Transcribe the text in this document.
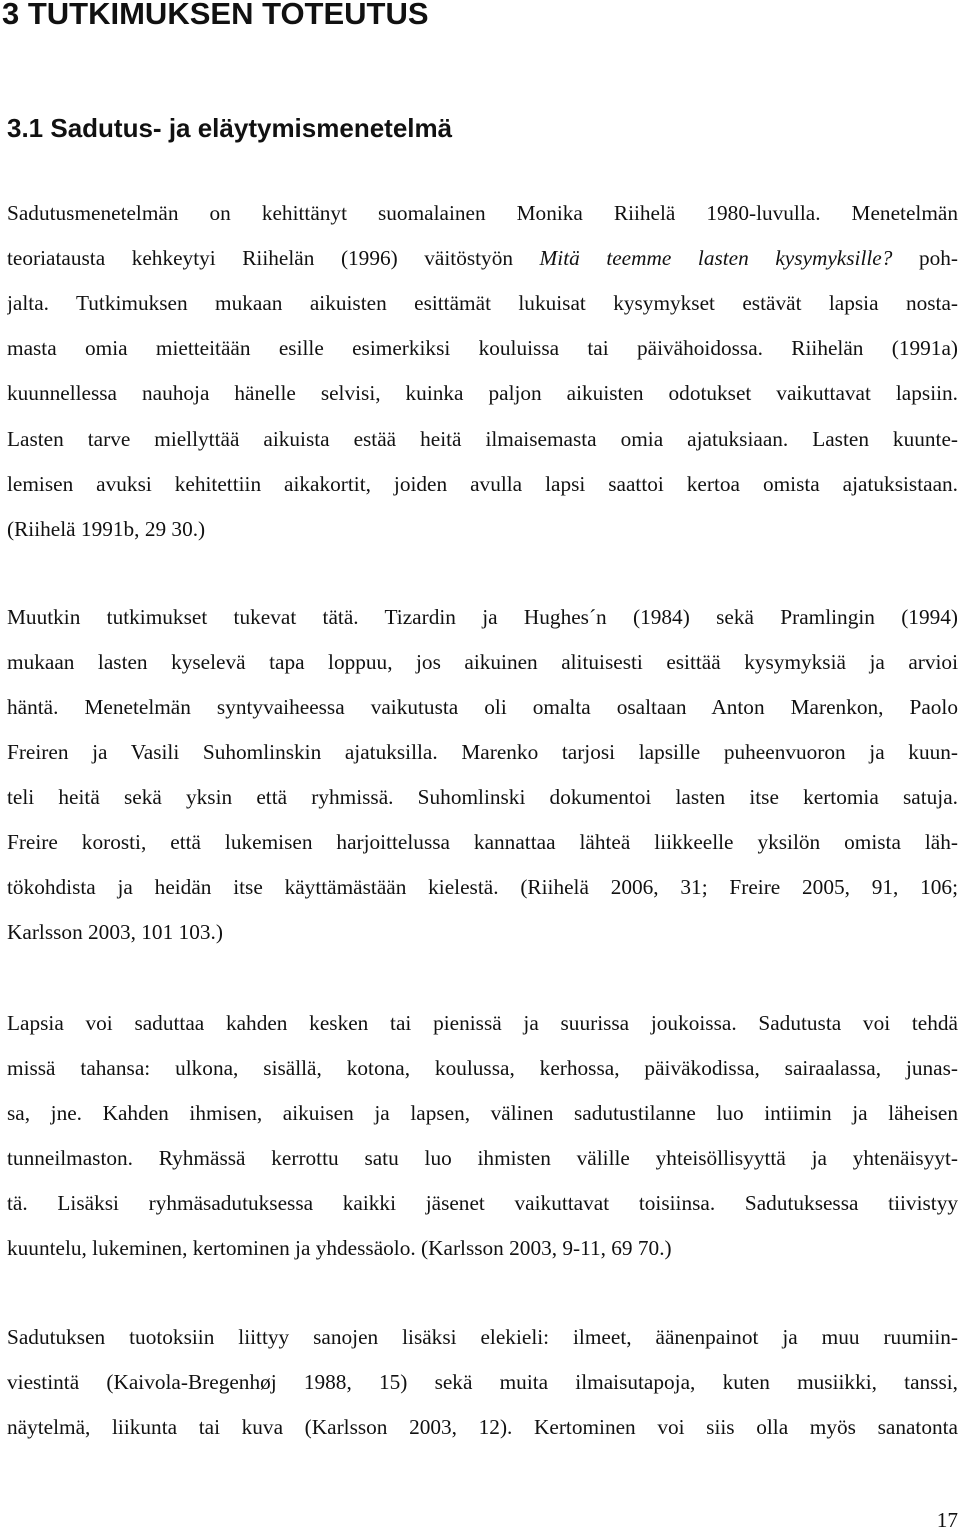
3 TUTKIMUKSEN TOTEUTUS
3.1 Sadutus- ja eläytymismenetelmä

Sadutusmenetelmän on kehittänyt suomalainen Monika Riihelä 1980-luvulla. Menetelmän

teoriatausta kehkeytyi Riihelän (1996) väitöstyön Mitä teemme lasten kysymyksille? poh-

jalta. Tutkimuksen mukaan aikuisten esittämät lukuisat kysymykset estävät lapsia nosta-

masta omia mietteitään esille esimerkiksi kouluissa tai päivähoidossa. Riihelän (1991a)

kuunnellessa nauhoja hänelle selvisi, kuinka paljon aikuisten odotukset vaikuttavat lapsiin.

Lasten tarve miellyttää aikuista estää heitä ilmaisemasta omia ajatuksiaan. Lasten kuunte-

lemisen avuksi kehitettiin aikakortit, joiden avulla lapsi saattoi kertoa omista ajatuksistaan.

(Riihelä 1991b, 29 30.)

Muutkin tutkimukset tukevat tätä. Tizardin ja Hughes´n (1984) sekä Pramlingin (1994)

mukaan lasten kyselevä tapa loppuu, jos aikuinen alituisesti esittää kysymyksiä ja arvioi

häntä. Menetelmän syntyvaiheessa vaikutusta oli omalta osaltaan Anton Marenkon, Paolo

Freiren ja Vasili Suhomlinskin ajatuksilla. Marenko tarjosi lapsille puheenvuoron ja kuun-

teli heitä sekä yksin että ryhmissä. Suhomlinski dokumentoi lasten itse kertomia satuja.

Freire korosti, että lukemisen harjoittelussa kannattaa lähteä liikkeelle yksilön omista läh-

tökohdista ja heidän itse käyttämästään kielestä. (Riihelä 2006, 31; Freire 2005, 91, 106;

Karlsson 2003, 101 103.)

Lapsia voi saduttaa kahden kesken tai pienissä ja suurissa joukoissa. Sadutusta voi tehdä

missä tahansa: ulkona, sisällä, kotona, koulussa, kerhossa, päiväkodissa, sairaalassa, junas-

sa, jne. Kahden ihmisen, aikuisen ja lapsen, välinen sadutustilanne luo intiimin ja läheisen

tunneilmaston. Ryhmässä kerrottu satu luo ihmisten välille yhteisöllisyyttä ja yhtenäisyyt-

tä. Lisäksi ryhmäsadutuksessa kaikki jäsenet vaikuttavat toisiinsa. Sadutuksessa tiivistyy

kuuntelu, lukeminen, kertominen ja yhdessäolo. (Karlsson 2003, 9-11, 69 70.)

Sadutuksen tuotoksiin liittyy sanojen lisäksi elekieli: ilmeet, äänenpainot ja muu ruumiin-

viestintä (Kaivola-Bregenhøj 1988, 15) sekä muita ilmaisutapoja, kuten musiikki, tanssi,

näytelmä, liikunta tai kuva (Karlsson 2003, 12). Kertominen voi siis olla myös sanatonta

17
